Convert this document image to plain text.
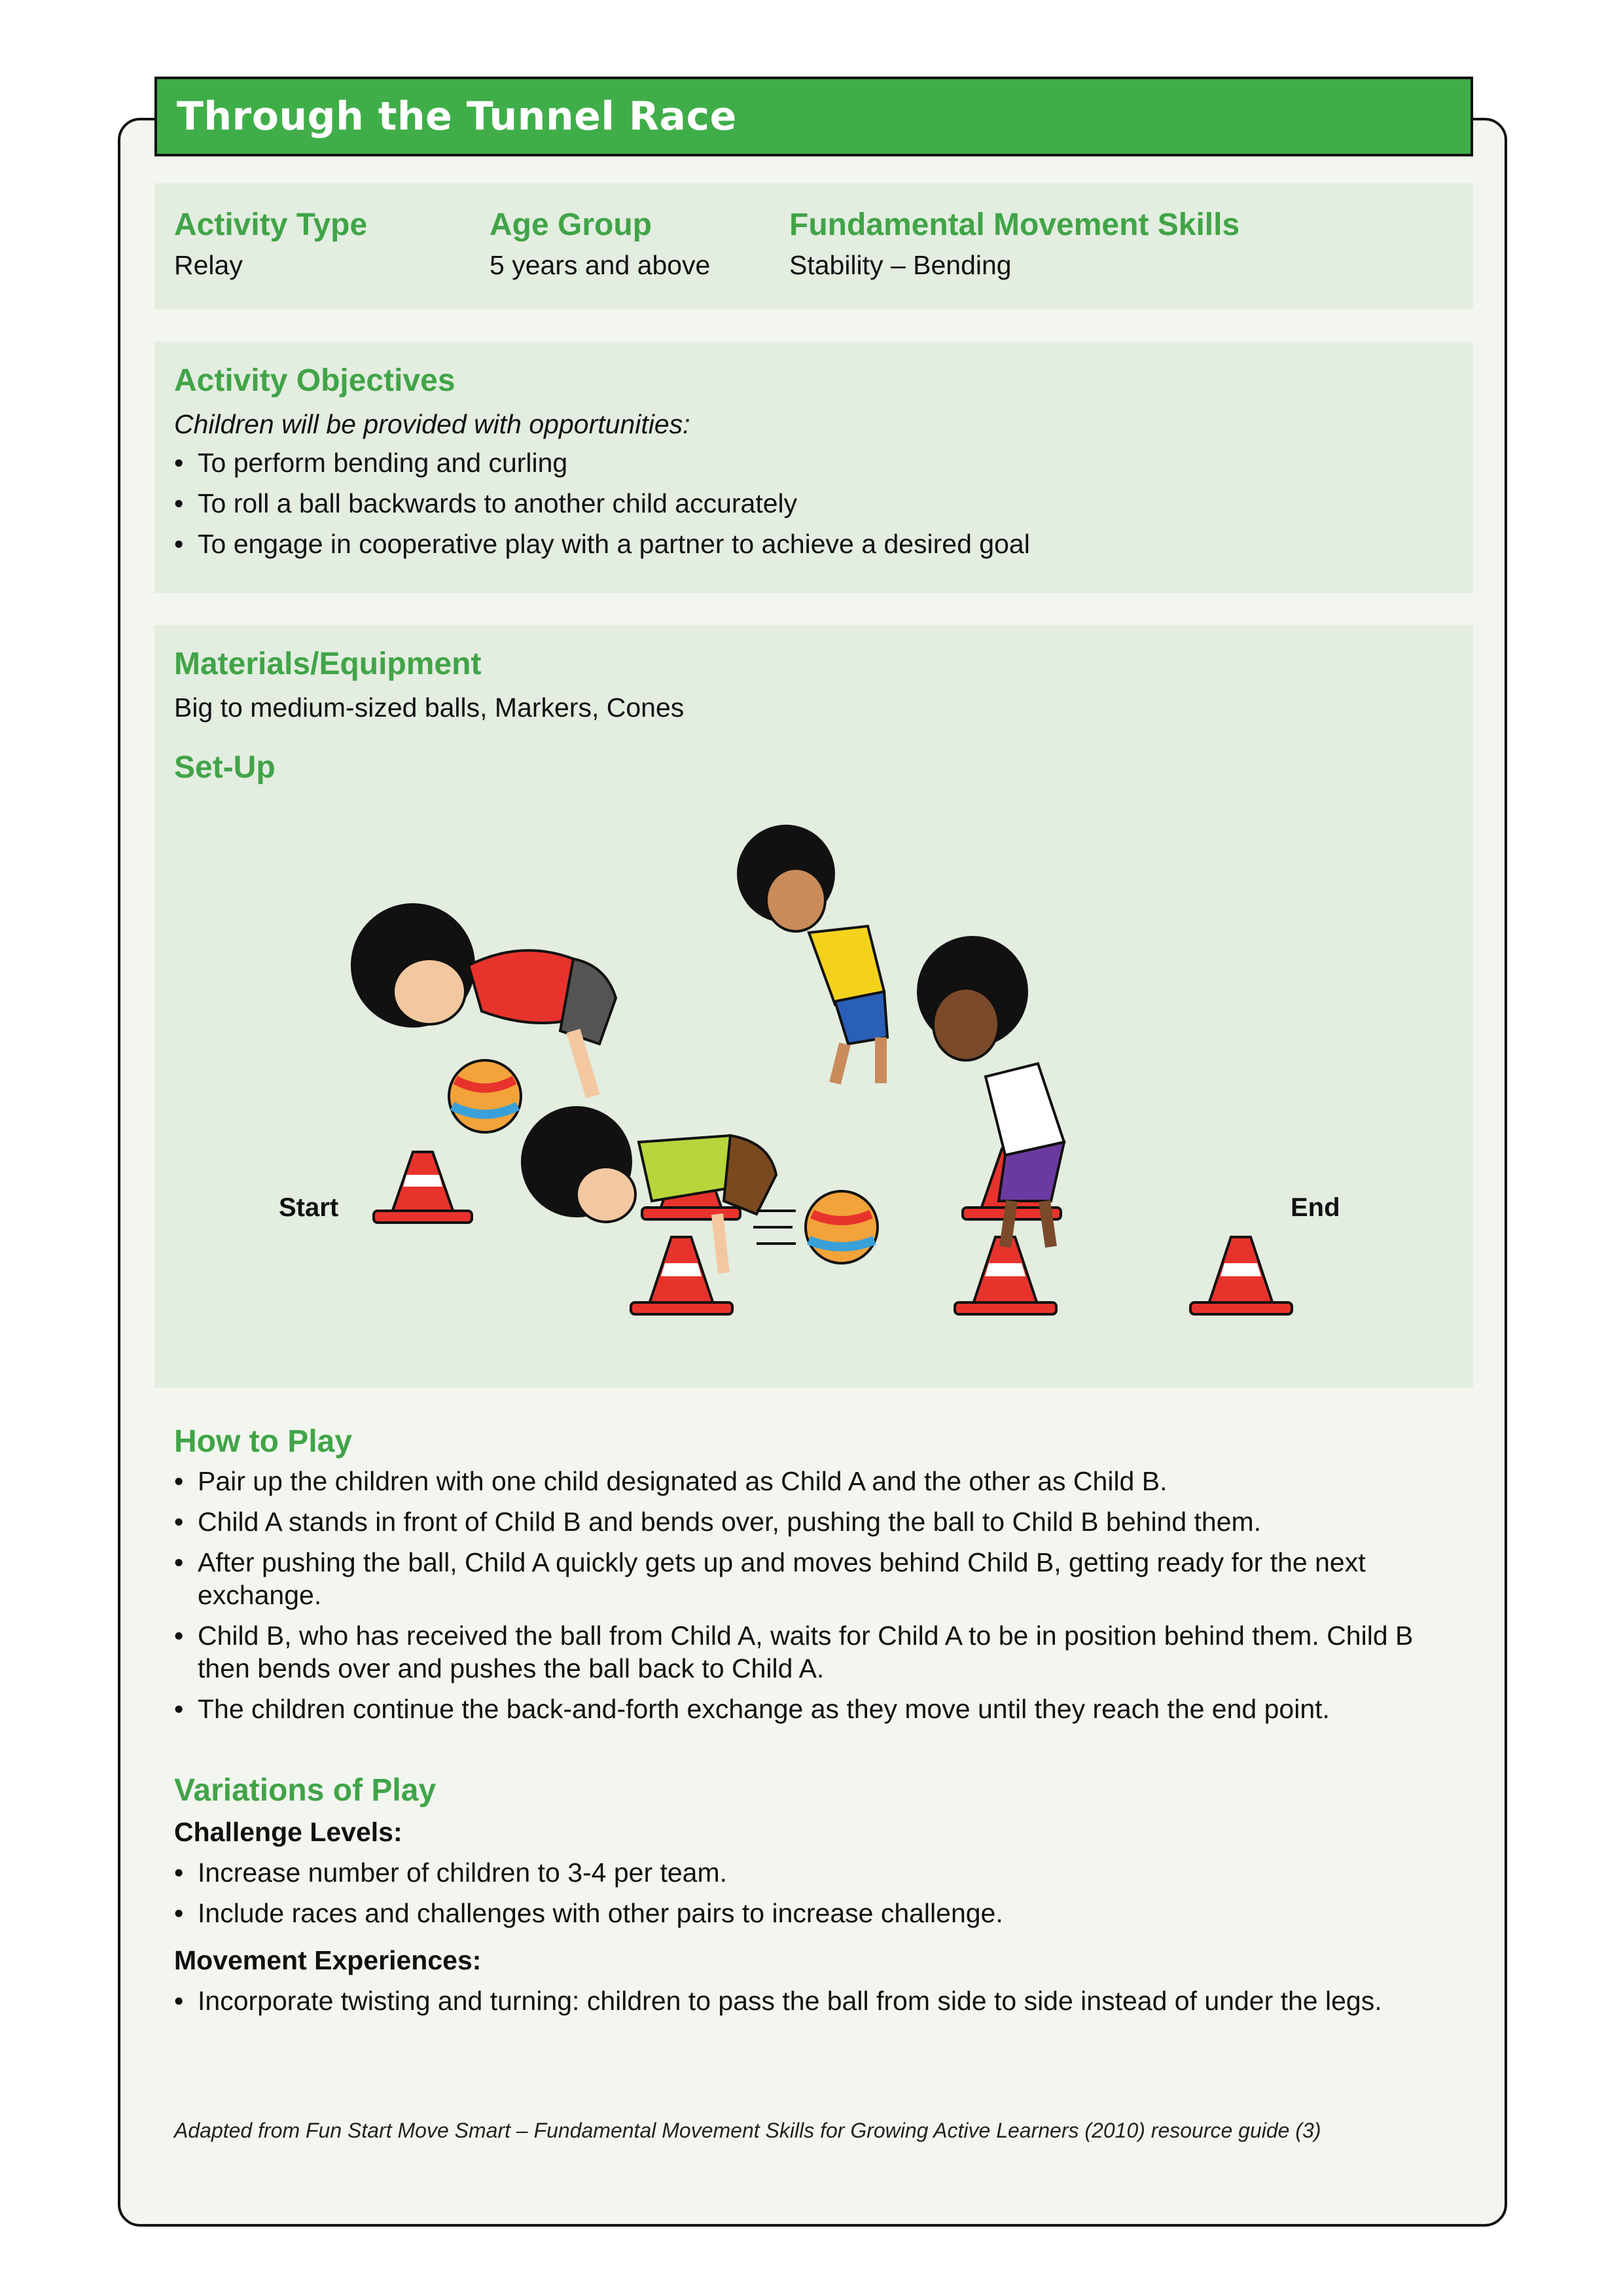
Through the Tunnel Race
Activity Type
Relay
Age Group
5 years and above
Fundamental Movement Skills
Stability – Bending
Activity Objectives
Children will be provided with opportunities:
• To perform bending and curling
• To roll a ball backwards to another child accurately
• To engage in cooperative play with a partner to achieve a desired goal
Materials/Equipment
Big to medium-sized balls, Markers, Cones
Set-Up
Start	End
How to Play
• Pair up the children with one child designated as Child A and the other as Child B.
• Child A stands in front of Child B and bends over, pushing the ball to Child B behind them.
• After pushing the ball, Child A quickly gets up and moves behind Child B, getting ready for the next exchange.
• Child B, who has received the ball from Child A, waits for Child A to be in position behind them. Child B then bends over and pushes the ball back to Child A.
• The children continue the back-and-forth exchange as they move until they reach the end point.
Variations of Play
Challenge Levels:
• Increase number of children to 3-4 per team.
• Include races and challenges with other pairs to increase challenge.
Movement Experiences:
• Incorporate twisting and turning: children to pass the ball from side to side instead of under the legs.
Adapted from Fun Start Move Smart – Fundamental Movement Skills for Growing Active Learners (2010) resource guide (3)
